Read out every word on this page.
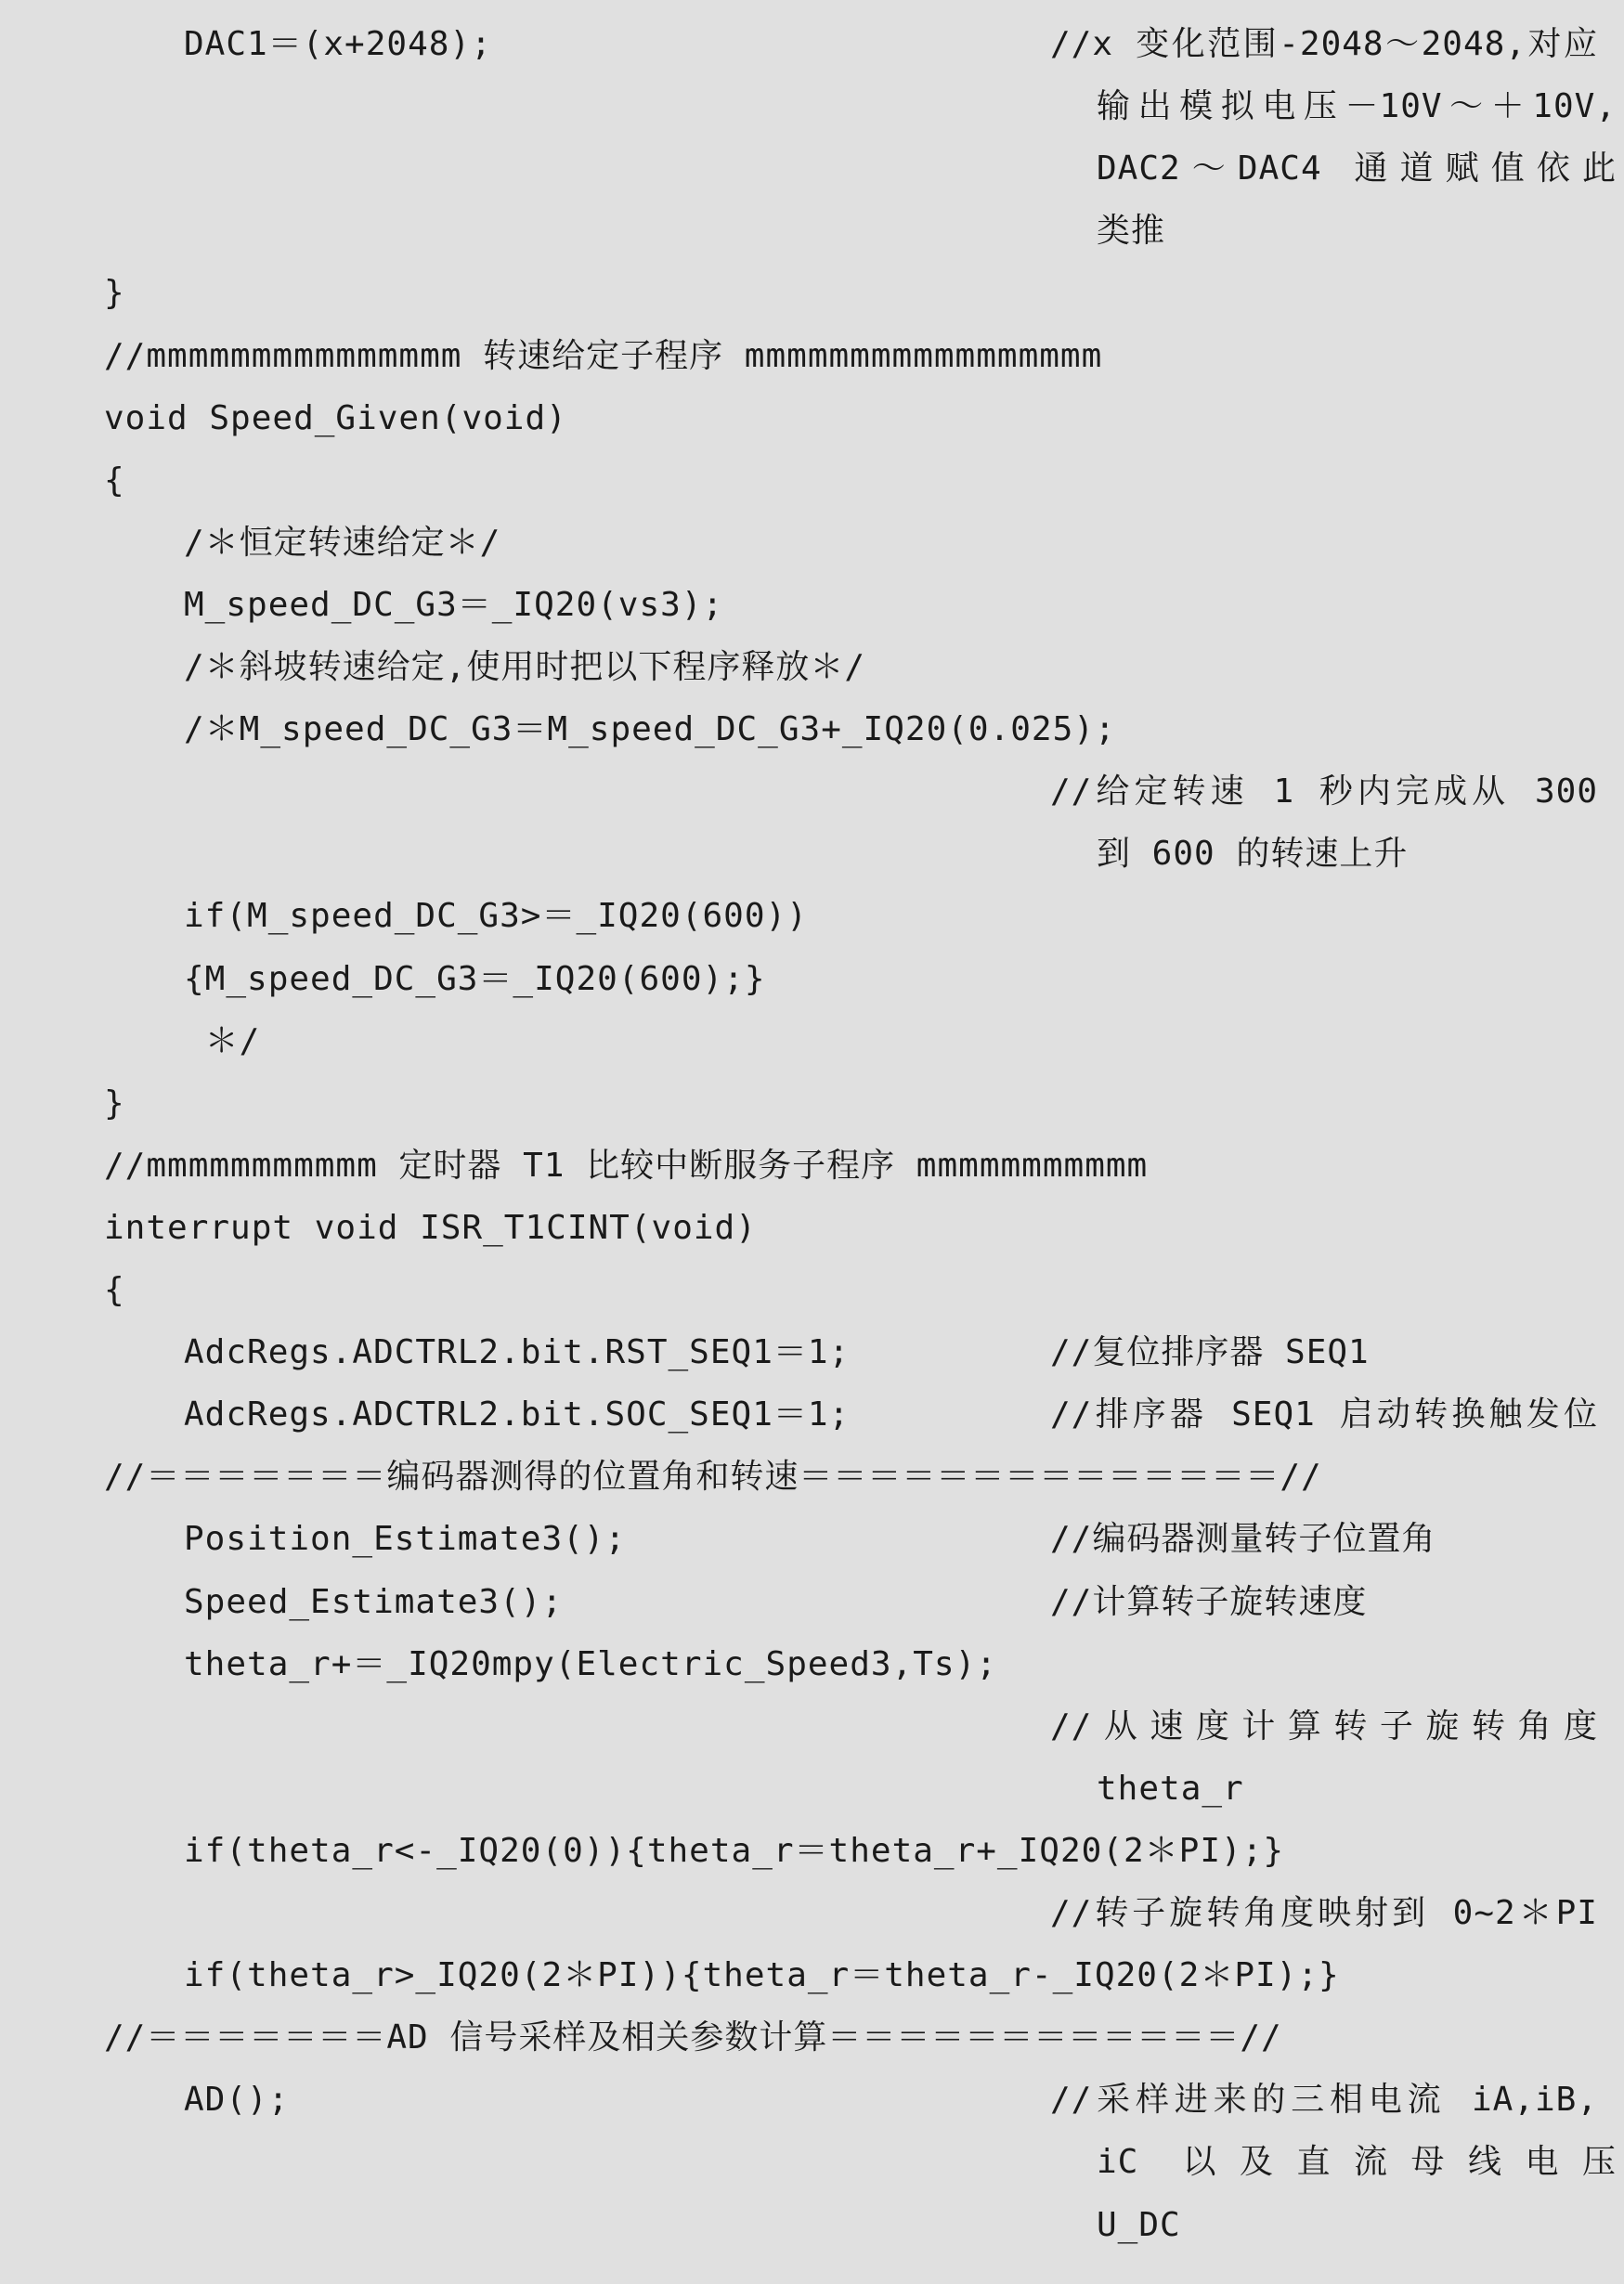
DAC1＝(x+2048);	//x 变化范围-2048～2048,对应
输出模拟电压－10V～＋10V,
DAC2～DAC4 通道赋值依此
类推
}
//mmmmmmmmmmmmmmm 转速给定子程序 mmmmmmmmmmmmmmmmm
void Speed_Given(void)
{
/＊恒定转速给定＊/
M_speed_DC_G3＝_IQ20(vs3);
/＊斜坡转速给定,使用时把以下程序释放＊/
/＊M_speed_DC_G3＝M_speed_DC_G3+_IQ20(0.025);
//给定转速 1 秒内完成从 300
到 600 的转速上升
if(M_speed_DC_G3>＝_IQ20(600))
{M_speed_DC_G3＝_IQ20(600);}
＊/
}
//mmmmmmmmmmm 定时器 T1 比较中断服务子程序 mmmmmmmmmmm
interrupt void ISR_T1CINT(void)
{
AdcRegs.ADCTRL2.bit.RST_SEQ1＝1;	//复位排序器 SEQ1
AdcRegs.ADCTRL2.bit.SOC_SEQ1＝1;	//排序器 SEQ1 启动转换触发位
//＝＝＝＝＝＝＝编码器测得的位置角和转速＝＝＝＝＝＝＝＝＝＝＝＝＝＝//
Position_Estimate3();	//编码器测量转子位置角
Speed_Estimate3();	//计算转子旋转速度
theta_r+＝_IQ20mpy(Electric_Speed3,Ts);
//从速度计算转子旋转角度
theta_r
if(theta_r<-_IQ20(0)){theta_r＝theta_r+_IQ20(2＊PI);}
//转子旋转角度映射到 0~2＊PI
if(theta_r>_IQ20(2＊PI)){theta_r＝theta_r-_IQ20(2＊PI);}
//＝＝＝＝＝＝＝AD 信号采样及相关参数计算＝＝＝＝＝＝＝＝＝＝＝＝//
AD();	//采样进来的三相电流 iA,iB,
iC 以及直流母线电压
U_DC
